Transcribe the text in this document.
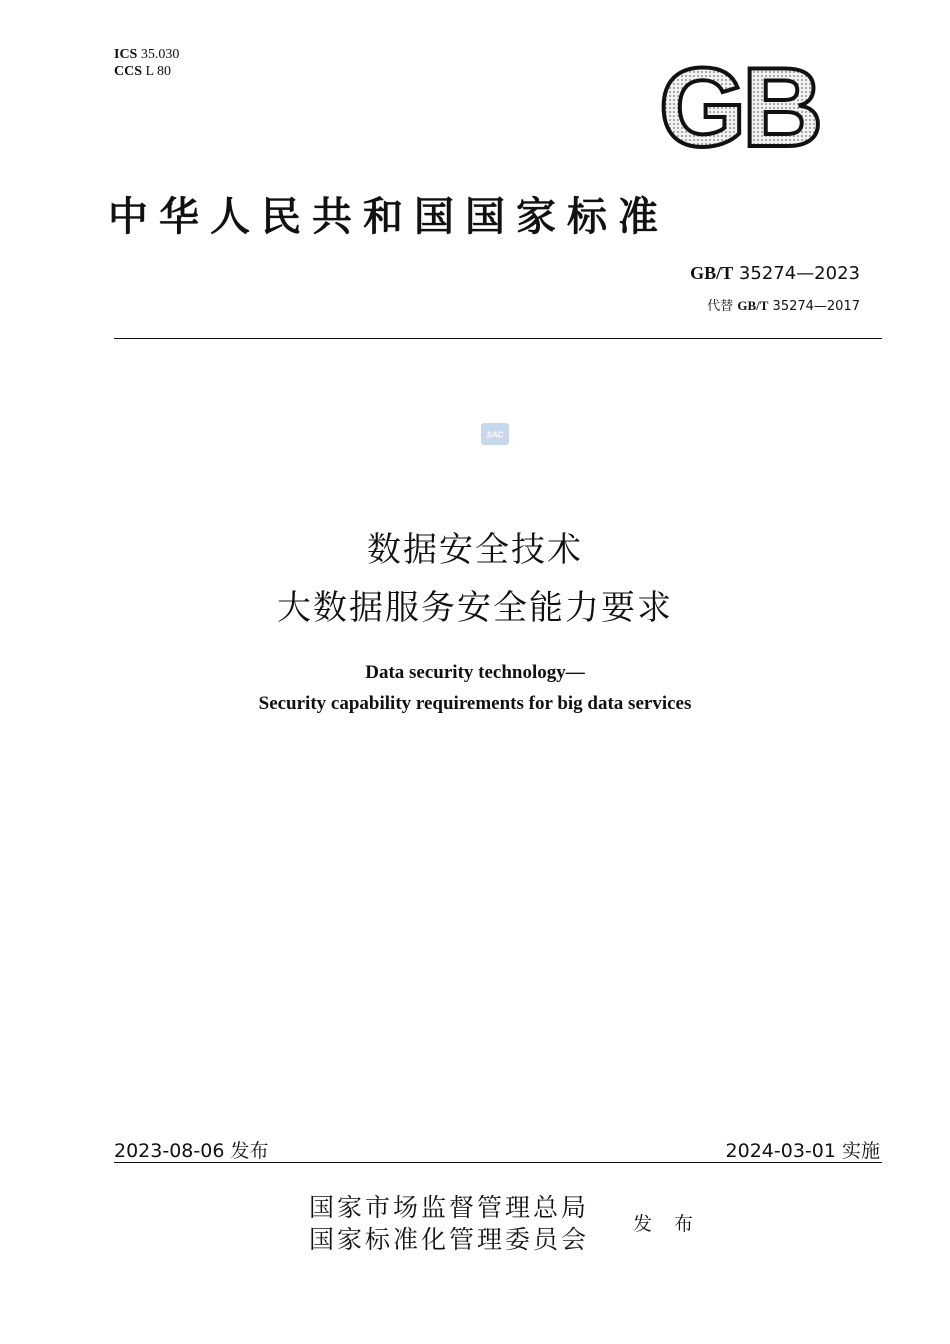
ICS 35.030
CCS L 80	GB
中华人民共和国国家标准
GB/T 35274—2023
代替 GB/T 35274—2017
SAC
数据安全技术
大数据服务安全能力要求
Data security technology—
Security capability requirements for big data services
2023-08-06 发布	2024-03-01 实施
国家市场监督管理总局
国家标准化管理委员会
发 布
